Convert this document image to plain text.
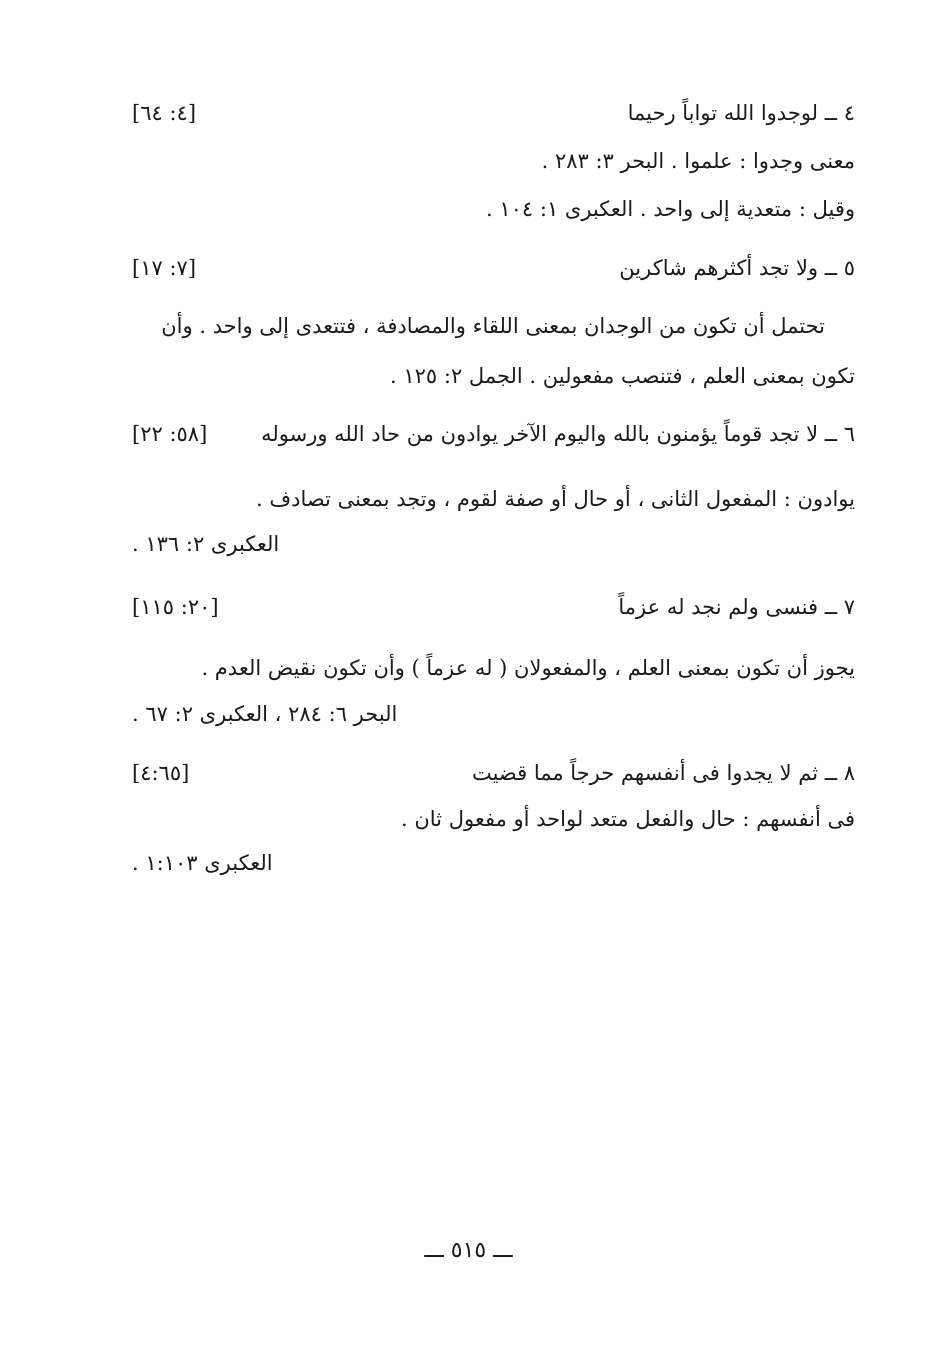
٤ ــ لوجدوا الله تواباً رحيما
[٤: ٦٤]
معنى وجدوا : علموا . البحر ٣: ٢٨٣ .
وقيل : متعدية إلى واحد . العكبرى ١: ١٠٤ .
٥ ــ ولا تجد أكثرهم شاكرين
[٧: ١٧]
تحتمل أن تكون من الوجدان بمعنى اللقاء والمصادفة ، فتتعدى إلى واحد . وأن
تكون بمعنى العلم ، فتنصب مفعولين . الجمل ٢: ١٢٥ .
٦ ــ لا تجد قوماً يؤمنون بالله واليوم الآخر يوادون من حاد الله ورسوله
[٥٨: ٢٢]
يوادون : المفعول الثانى ، أو حال أو صفة لقوم ، وتجد بمعنى تصادف .
العكبرى ٢: ١٣٦ .
٧ ــ فنسى ولم نجد له عزماً
[٢٠: ١١٥]
يجوز أن تكون بمعنى العلم ، والمفعولان ( له عزماً ) وأن تكون نقيض العدم .
البحر ٦: ٢٨٤ ، العكبرى ٢: ٦٧ .
٨ ــ ثم لا يجدوا فى أنفسهم حرجاً مما قضيت
[٤:٦٥]
فى أنفسهم : حال والفعل متعد لواحد أو مفعول ثان .
العكبرى ١:١٠٣ .
ـــ ٥١٥ ـــ
